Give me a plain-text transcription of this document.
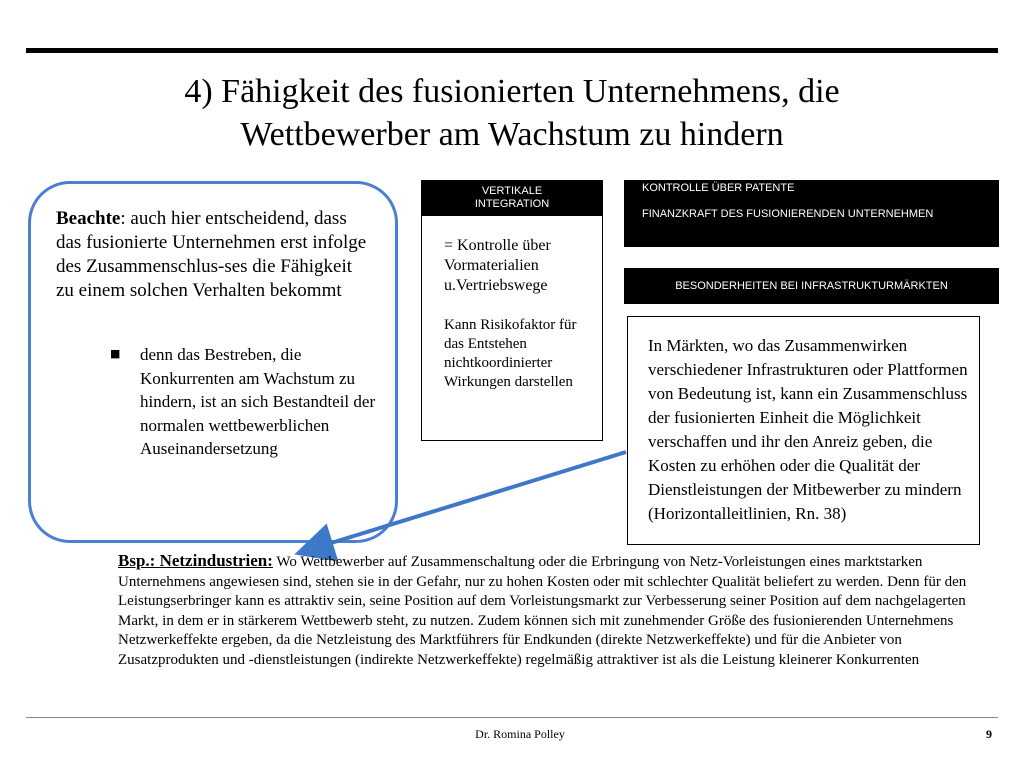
4) Fähigkeit des fusionierten Unternehmens, die
Wettbewerber am Wachstum zu hindern
Beachte: auch hier entscheidend, dass das fusionierte Unternehmen erst infolge des Zusammenschlus-ses die Fähigkeit zu einem solchen Verhalten bekommt
■ denn das Bestreben, die Konkurrenten am Wachstum zu hindern, ist an sich Bestandteil der normalen wettbewerblichen Auseinandersetzung
VERTIKALE
INTEGRATION
= Kontrolle über Vormaterialien u.Vertriebswege
Kann Risikofaktor für das Entstehen nichtkoordinierter Wirkungen darstellen
KONTROLLE ÜBER PATENTE
FINANZKRAFT DES FUSIONIERENDEN UNTERNEHMEN
BESONDERHEITEN BEI INFRASTRUKTURMÄRKTEN
In Märkten, wo das Zusammenwirken verschiedener Infrastrukturen oder Plattformen von Bedeutung ist, kann ein Zusammenschluss der fusionierten Einheit die Möglichkeit verschaffen und ihr den Anreiz geben, die Kosten zu erhöhen oder die Qualität der Dienstleistungen der Mitbewerber zu mindern (Horizontalleitlinien, Rn. 38)
Bsp.: Netzindustrien: Wo Wettbewerber auf Zusammenschaltung oder die Erbringung von Netz-Vorleistungen eines marktstarken Unternehmens angewiesen sind, stehen sie in der Gefahr, nur zu hohen Kosten oder mit schlechter Qualität beliefert zu werden. Denn für den Leistungserbringer kann es attraktiv sein, seine Position auf dem Vorleistungsmarkt zur Verbesserung seiner Position auf dem nachgelagerten Markt, in dem er in stärkerem Wettbewerb steht, zu nutzen. Zudem können sich mit zunehmender Größe des fusionierenden Unternehmens Netzwerkeffekte ergeben, da die Netzleistung des Marktführers für Endkunden (direkte Netzwerkeffekte) und für die Anbieter von Zusatzprodukten und -dienstleistungen (indirekte Netzwerkeffekte) regelmäßig attraktiver ist als die Leistung kleinerer Konkurrenten
Dr. Romina Polley	9
